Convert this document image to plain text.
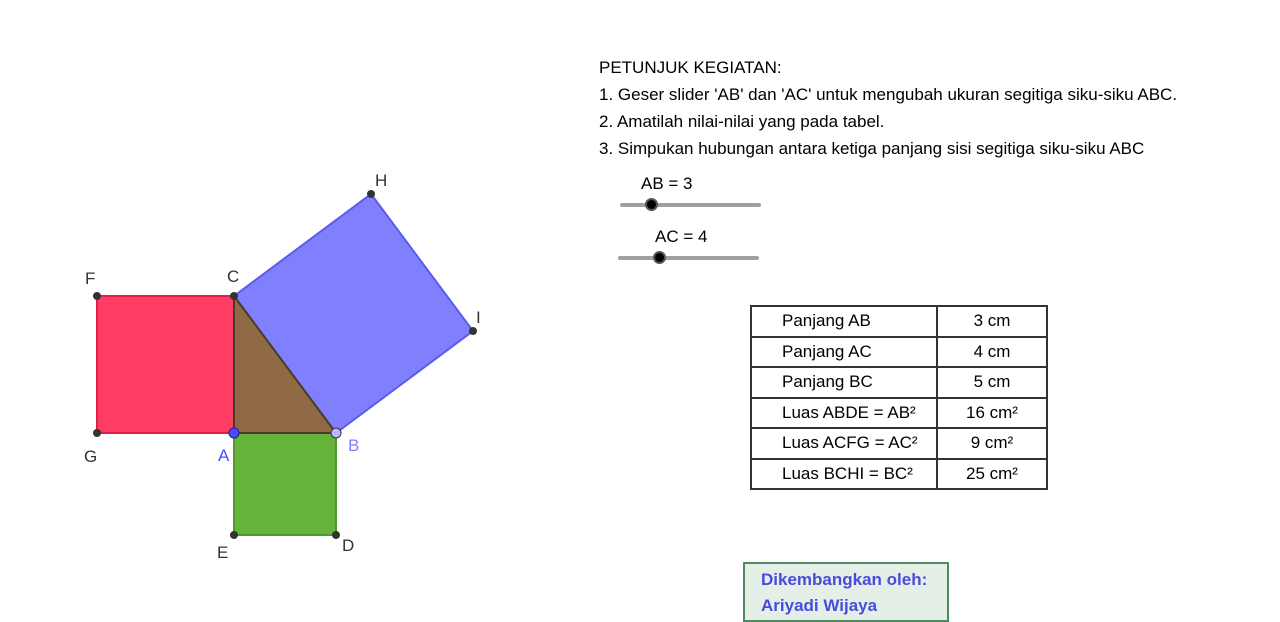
F
G
C
H
I
A
B
E	D
PETUNJUK KEGIATAN:
1. Geser slider 'AB' dan 'AC' untuk mengubah ukuran segitiga siku-siku ABC.
2. Amatilah nilai-nilai yang pada tabel.
3. Simpukan hubungan antara ketiga panjang sisi segitiga siku-siku ABC
AB = 3
AC = 4
Panjang AB	3 cm
Panjang AC	4 cm
Panjang BC	5 cm
Luas ABDE = AB²	16 cm²
Luas ACFG = AC²	9 cm²
Luas BCHI = BC²	25 cm²
Dikembangkan oleh:
Ariyadi Wijaya
